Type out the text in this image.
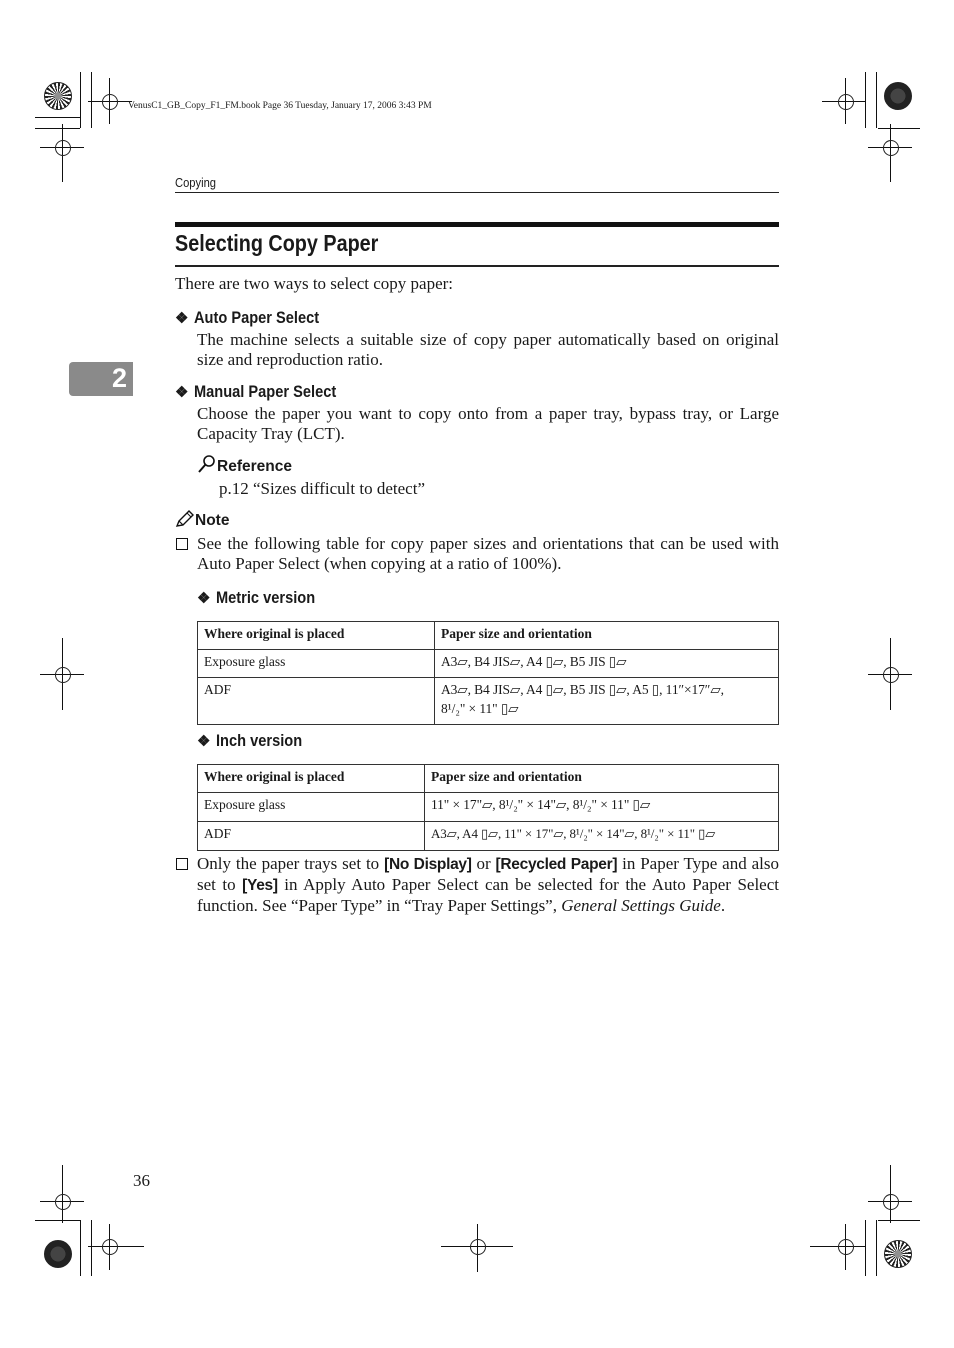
VenusC1_GB_Copy_F1_FM.book Page 36 Tuesday, January 17, 2006 3:43 PM
Copying
Selecting Copy Paper
2
There are two ways to select copy paper:
❖ Auto Paper Select
The machine selects a suitable size of copy paper automatically based on original size and reproduction ratio.
❖ Manual Paper Select
Choose the paper you want to copy onto from a paper tray, bypass tray, or Large Capacity Tray (LCT).
Reference
p.12 “Sizes difficult to detect”
Note
See the following table for copy paper sizes and orientations that can be used with Auto Paper Select (when copying at a ratio of 100%).
❖ Metric version
Where original is placed	Paper size and orientation
Exposure glass	A3▱, B4 JIS▱, A4 ▯▱, B5 JIS ▯▱
ADF	A3▱, B4 JIS▱, A4 ▯▱, B5 JIS ▯▱, A5 ▯, 11″×17″▱,
8¹/₂" × 11" ▯▱
❖ Inch version
Where original is placed	Paper size and orientation
Exposure glass	11" × 17"▱, 8¹/₂" × 14"▱, 8¹/₂" × 11" ▯▱
ADF	A3▱, A4 ▯▱, 11" × 17"▱, 8¹/₂" × 14"▱, 8¹/₂" × 11" ▯▱
Only the paper trays set to [No Display] or [Recycled Paper] in Paper Type and also set to [Yes] in Apply Auto Paper Select can be selected for the Auto Paper Select function. See “Paper Type” in “Tray Paper Settings”, General Settings Guide.
36
